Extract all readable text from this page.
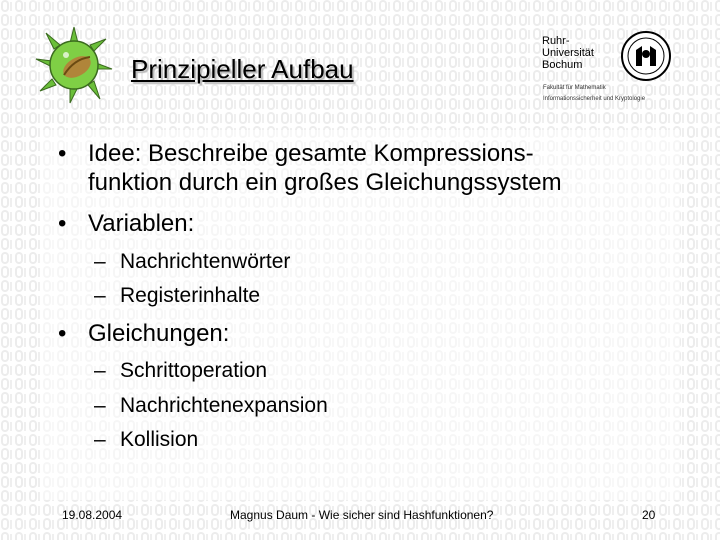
Prinzipieller Aufbau
Ruhr-
Universität
Bochum
Fakultät für Mathematik
Informationssicherheit und Kryptologie
• Idee: Beschreibe gesamte Kompressions-
funktion durch ein großes Gleichungssystem
• Variablen:
– Nachrichtenwörter
– Registerinhalte
• Gleichungen:
– Schrittoperation
– Nachrichtenexpansion
– Kollision
19.08.2004	Magnus Daum - Wie sicher sind Hashfunktionen?	20
